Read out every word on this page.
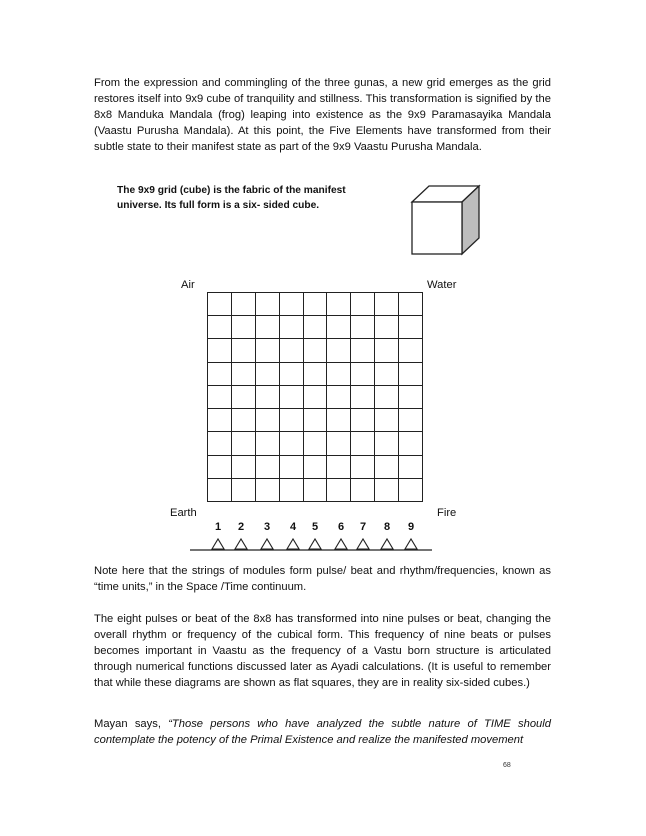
From the expression and commingling of the three gunas, a new grid emerges as the grid restores itself into 9x9 cube of tranquility and stillness. This transformation is signified by the 8x8 Manduka Mandala (frog) leaping into existence as the 9x9 Paramasayika Mandala (Vaastu Purusha Mandala). At this point, the Five Elements have transformed from their subtle state to their manifest state as part of the 9x9 Vaastu Purusha Mandala.

The 9x9 grid (cube) is the fabric of the manifest universe. Its full form is a six- sided cube.

Air	Water
Earth	Fire
1	2	3	4	5	6	7	8	9

Note here that the strings of modules form pulse/ beat and rhythm/frequencies, known as “time units,” in the Space /Time continuum.

The eight pulses or beat of the 8x8 has transformed into nine pulses or beat, changing the overall rhythm or frequency of the cubical form. This frequency of nine beats or pulses becomes important in Vaastu as the frequency of a Vastu born structure is articulated through numerical functions discussed later as Ayadi calculations. (It is useful to remember that while these diagrams are shown as flat squares, they are in reality six-sided cubes.)

Mayan says, “Those persons who have analyzed the subtle nature of TIME should contemplate the potency of the Primal Existence and realize the manifested movement

68
